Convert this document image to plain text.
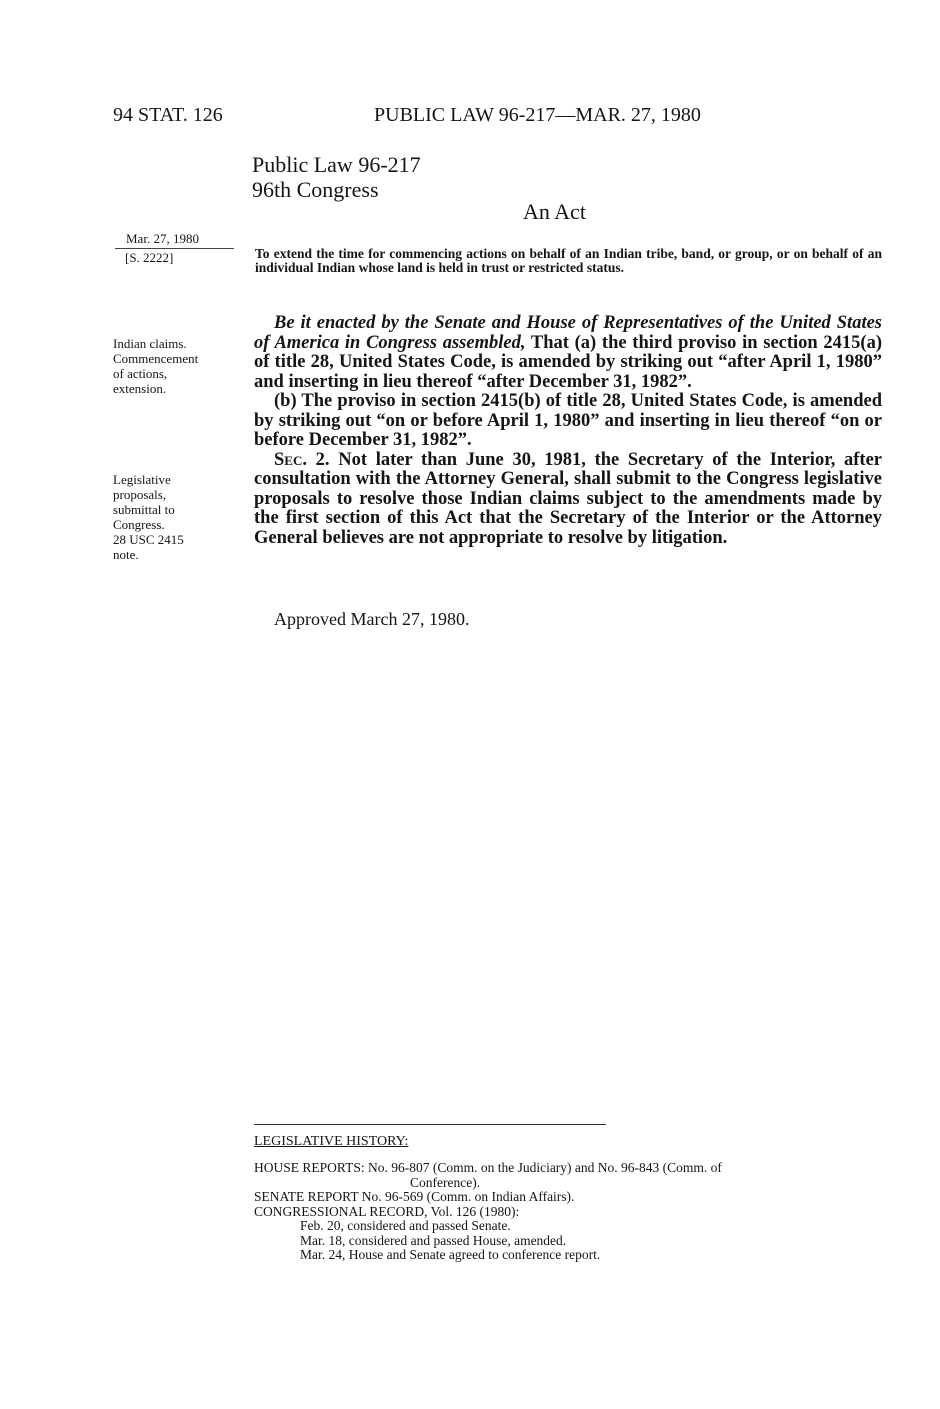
94 STAT. 126	PUBLIC LAW 96-217—MAR. 27, 1980
Public Law 96-217
96th Congress
An Act
Mar. 27, 1980
[S. 2222]	To extend the time for commencing actions on behalf of an Indian tribe, band, or group, or on behalf of an individual Indian whose land is held in trust or restricted status.
Indian claims.
Commencement
of actions,
extension.
Legislative
proposals,
submittal to
Congress.
28 USC 2415
note.

Be it enacted by the Senate and House of Representatives of the United States of America in Congress assembled, That (a) the third proviso in section 2415(a) of title 28, United States Code, is amended by striking out “after April 1, 1980” and inserting in lieu thereof “after December 31, 1982”.

(b) The proviso in section 2415(b) of title 28, United States Code, is amended by striking out “on or before April 1, 1980” and inserting in lieu thereof “on or before December 31, 1982”.

Sec. 2. Not later than June 30, 1981, the Secretary of the Interior, after consultation with the Attorney General, shall submit to the Congress legislative proposals to resolve those Indian claims subject to the amendments made by the first section of this Act that the Secretary of the Interior or the Attorney General believes are not appropriate to resolve by litigation.

Approved March 27, 1980.
LEGISLATIVE HISTORY:
HOUSE REPORTS: No. 96-807 (Comm. on the Judiciary) and No. 96-843 (Comm. of
Conference).
SENATE REPORT No. 96-569 (Comm. on Indian Affairs).
CONGRESSIONAL RECORD, Vol. 126 (1980):
Feb. 20, considered and passed Senate.
Mar. 18, considered and passed House, amended.
Mar. 24, House and Senate agreed to conference report.
